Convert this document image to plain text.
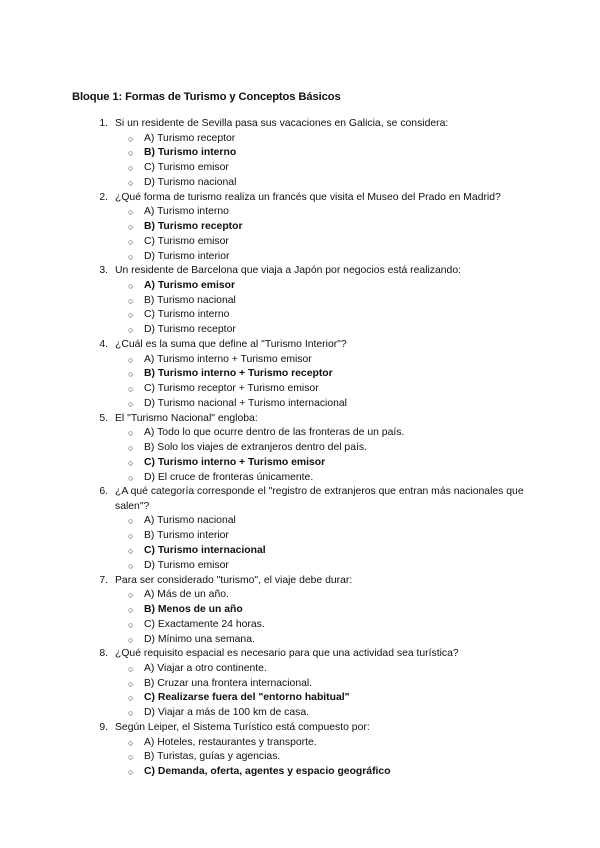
Bloque 1: Formas de Turismo y Conceptos Básicos
1. Si un residente de Sevilla pasa sus vacaciones en Galicia, se considera:
○	A) Turismo receptor
○	B) Turismo interno
○	C) Turismo emisor
○	D) Turismo nacional
2. ¿Qué forma de turismo realiza un francés que visita el Museo del Prado en Madrid?
○	A) Turismo interno
○	B) Turismo receptor
○	C) Turismo emisor
○	D) Turismo interior
3. Un residente de Barcelona que viaja a Japón por negocios está realizando:
○	A) Turismo emisor
○	B) Turismo nacional
○	C) Turismo interno
○	D) Turismo receptor
4. ¿Cuál es la suma que define al "Turismo Interior"?
○	A) Turismo interno + Turismo emisor
○	B) Turismo interno + Turismo receptor
○	C) Turismo receptor + Turismo emisor
○	D) Turismo nacional + Turismo internacional
5. El "Turismo Nacional" engloba:
○	A) Todo lo que ocurre dentro de las fronteras de un país.
○	B) Solo los viajes de extranjeros dentro del país.
○	C) Turismo interno + Turismo emisor
○	D) El cruce de fronteras únicamente.
6. ¿A qué categoría corresponde el "registro de extranjeros que entran más nacionales que salen"?
○	A) Turismo nacional
○	B) Turismo interior
○	C) Turismo internacional
○	D) Turismo emisor
7. Para ser considerado "turismo", el viaje debe durar:
○	A) Más de un año.
○	B) Menos de un año
○	C) Exactamente 24 horas.
○	D) Mínimo una semana.
8. ¿Qué requisito espacial es necesario para que una actividad sea turística?
○	A) Viajar a otro continente.
○	B) Cruzar una frontera internacional.
○	C) Realizarse fuera del "entorno habitual"
○	D) Viajar a más de 100 km de casa.
9. Según Leiper, el Sistema Turístico está compuesto por:
○	A) Hoteles, restaurantes y transporte.
○	B) Turistas, guías y agencias.
○	C) Demanda, oferta, agentes y espacio geográfico
